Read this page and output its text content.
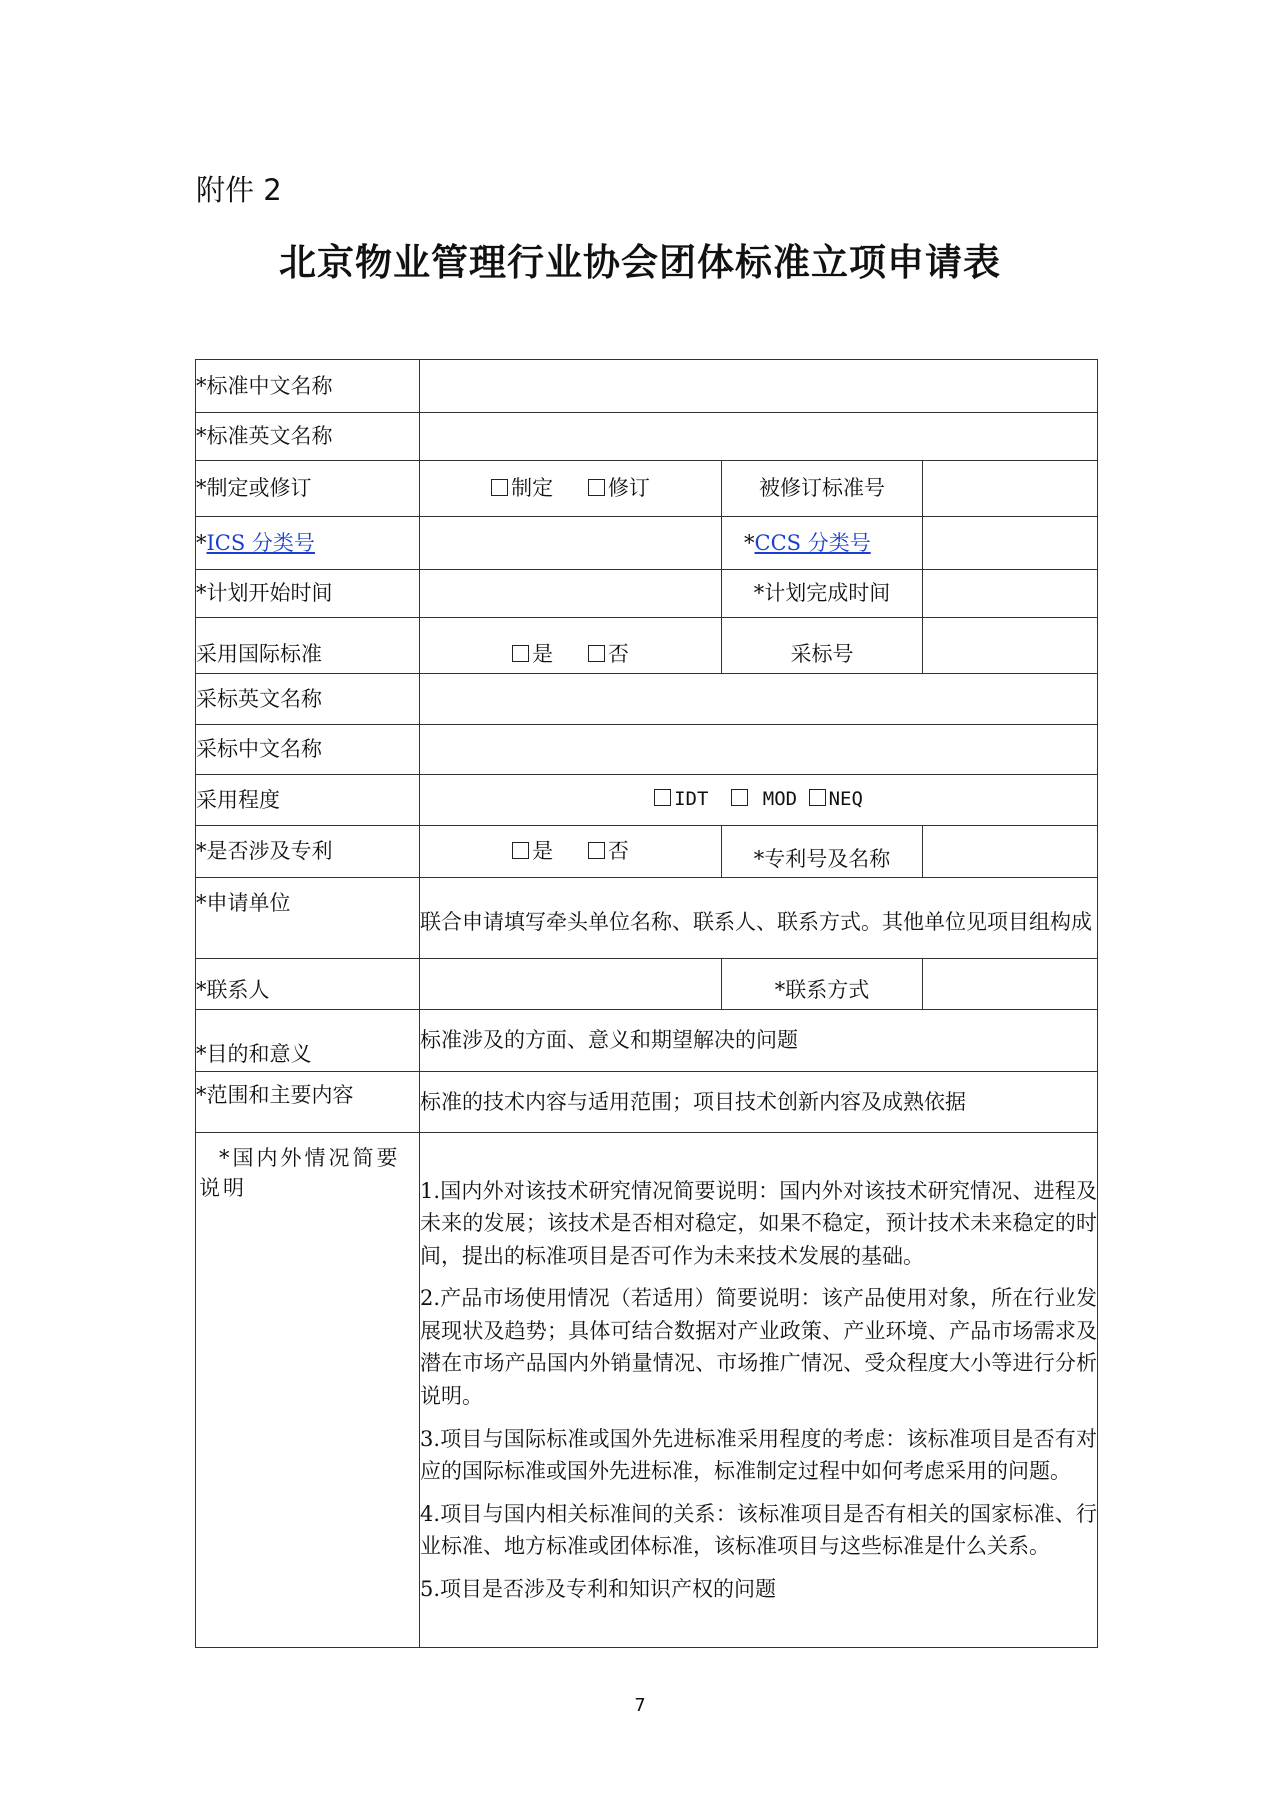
附件 2
北京物业管理行业协会团体标准立项申请表
*标准中文名称			
*标准英文名称			
*制定或修订	制定 修订	被修订标准号	
*ICS 分类号		*CCS 分类号	
*计划开始时间		*计划完成时间	
采用国际标准	是 否	采标号	
采标英文名称			
采标中文名称			
采用程度	IDT MOD NEQ		
*是否涉及专利	是 否	*专利号及名称	
*申请单位	联合申请填写牵头单位名称、联系人、联系方式。其他单位见项目组构成		
*联系人		*联系方式	
*目的和意义	标准涉及的方面、意义和期望解决的问题		
*范围和主要内容	标准的技术内容与适用范围；项目技术创新内容及成熟依据		
*国内外情况简要说明	1.国内外对该技术研究情况简要说明：国内外对该技术研究情况、进程及未来的发展；该技术是否相对稳定，如果不稳定，预计技术未来稳定的时间，提出的标准项目是否可作为未来技术发展的基础。
2.产品市场使用情况（若适用）简要说明：该产品使用对象，所在行业发展现状及趋势；具体可结合数据对产业政策、产业环境、产品市场需求及潜在市场产品国内外销量情况、市场推广情况、受众程度大小等进行分析说明。
3.项目与国际标准或国外先进标准采用程度的考虑：该标准项目是否有对应的国际标准或国外先进标准，标准制定过程中如何考虑采用的问题。
4.项目与国内相关标准间的关系：该标准项目是否有相关的国家标准、行业标准、地方标准或团体标准，该标准项目与这些标准是什么关系。
5.项目是否涉及专利和知识产权的问题		
7
